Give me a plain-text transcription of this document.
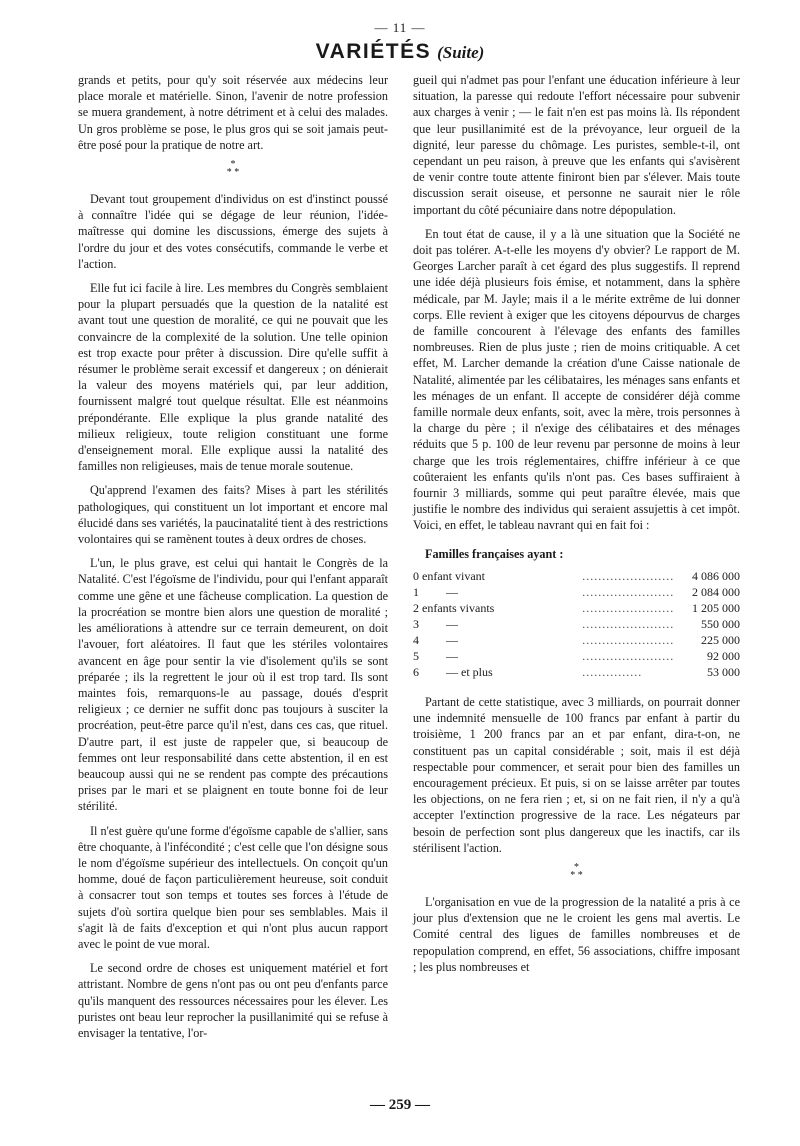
— 11 —
VARIÉTÉS (Suite)

grands et petits, pour qu'y soit réservée aux médecins leur place morale et matérielle. Sinon, l'avenir de notre profession se muera grandement, à notre détriment et à celui des malades. Un gros problème se pose, le plus gros qui se soit jamais peut-être posé pour la pratique de notre art.

*
* *

Devant tout groupement d'individus on est d'instinct poussé à connaître l'idée qui se dégage de leur réunion, l'idée-maîtresse qui domine les discussions, émerge des sujets à l'ordre du jour et des votes consécutifs, commande le verbe et l'action.

Elle fut ici facile à lire. Les membres du Congrès semblaient pour la plupart persuadés que la question de la natalité est avant tout une question de moralité, ce qui ne pouvait que les convaincre de la complexité de la solution. Une telle opinion est trop exacte pour prêter à discussion. Dire qu'elle suffit à résumer le problème serait excessif et dangereux ; on dénierait la valeur des moyens matériels qui, par leur addition, fournissent malgré tout quelque résultat. Elle est néanmoins prépondérante. Elle explique la plus grande natalité des milieux religieux, toute religion constituant une forme d'enseignement moral. Elle explique aussi la natalité des familles non religieuses, mais de tenue morale soutenue.

Qu'apprend l'examen des faits? Mises à part les stérilités pathologiques, qui constituent un lot important et encore mal élucidé dans ses variétés, la paucinatalité tient à des restrictions volontaires qui se ramènent toutes à deux ordres de choses.

L'un, le plus grave, est celui qui hantait le Congrès de la Natalité. C'est l'égoïsme de l'individu, pour qui l'enfant apparaît comme une gêne et une fâcheuse complication. La question de la procréation se montre bien alors une question de moralité ; les améliorations à attendre sur ce terrain demeurent, on doit l'avouer, fort aléatoires. Il faut que les stériles volontaires avancent en âge pour sentir la vie d'isolement qu'ils se sont préparée ; ils la regrettent le jour où il est trop tard. Ils sont maintes fois, remarquons-le au passage, doués d'esprit religieux ; ce dernier ne suffit donc pas toujours à susciter la procréation, peut-être parce qu'il n'est, dans ces cas, que rituel. D'autre part, il est juste de rappeler que, si beaucoup de femmes ont leur responsabilité dans cette abstention, il en est beaucoup aussi qui ne se rendent pas compte des précautions prises par le mari et se plaignent en toute bonne foi de leur stérilité.

Il n'est guère qu'une forme d'égoïsme capable de s'allier, sans être choquante, à l'infécondité ; c'est celle que l'on désigne sous le nom d'égoïsme supérieur des intellectuels. On conçoit qu'un homme, doué de façon particulièrement heureuse, soit conduit à consacrer tout son temps et toutes ses forces à l'étude de sujets d'où sortira quelque bien pour ses semblables. Mais il s'agit là de faits d'exception et qui n'ont plus aucun rapport avec le point de vue moral.

Le second ordre de choses est uniquement matériel et fort attristant. Nombre de gens n'ont pas ou ont peu d'enfants parce qu'ils manquent des ressources nécessaires pour les élever. Les puristes ont beau leur reprocher la pusillanimité qui se refuse à envisager la tentative, l'or-

gueil qui n'admet pas pour l'enfant une éducation inférieure à leur situation, la paresse qui redoute l'effort nécessaire pour subvenir aux charges à venir ; — le fait n'en est pas moins là. Ils répondent que leur pusillanimité est de la prévoyance, leur orgueil de la dignité, leur paresse du chômage. Les puristes, semble-t-il, ont cependant un peu raison, à preuve que les enfants qui s'avisèrent de venir contre toute attente finiront bien par s'élever. Mais toute discussion serait oiseuse, et personne ne saurait nier le rôle important du côté pécuniaire dans notre dépopulation.

En tout état de cause, il y a là une situation que la Société ne doit pas tolérer. A-t-elle les moyens d'y obvier? Le rapport de M. Georges Larcher paraît à cet égard des plus suggestifs. Il reprend une idée déjà plusieurs fois émise, et notamment, dans la sphère médicale, par M. Jayle; mais il a le mérite extrême de lui donner corps. Elle revient à exiger que les citoyens dépourvus de charges de famille concourent à l'élevage des enfants des familles nombreuses. Rien de plus juste ; rien de moins critiquable. A cet effet, M. Larcher demande la création d'une Caisse nationale de Natalité, alimentée par les célibataires, les ménages sans enfants et les ménages de un enfant. Il accepte de considérer déjà comme famille normale deux enfants, soit, avec la mère, trois personnes à la charge du père ; il n'exige des célibataires et des ménages réduits que 5 p. 100 de leur revenu par personne de moins à leur charge que les trois réglementaires, chiffre inférieur à ce que coûteraient les enfants qu'ils n'ont pas. Ces bases suffiraient à fournir 3 milliards, somme qui peut paraître élevée, mais que justifie le nombre des individus qui seraient assujettis à cet impôt. Voici, en effet, le tableau navrant qui en fait foi :

Familles françaises ayant :
0 enfant vivant	.......................	4 086 000
1 —	.......................	2 084 000
2 enfants vivants	.......................	1 205 000
3 —	.......................	550 000
4 —	.......................	225 000
5 —	.......................	92 000
6 — et plus	...............	53 000

Partant de cette statistique, avec 3 milliards, on pourrait donner une indemnité mensuelle de 100 francs par enfant à partir du troisième, 1 200 francs par an et par enfant, dira-t-on, ne constituent pas un capital considérable ; soit, mais il est déjà respectable pour commencer, et serait pour bien des familles un encouragement précieux. Et puis, si on se laisse arrêter par toutes les objections, on ne fera rien ; et, si on ne fait rien, il n'y a qu'à accepter l'extinction progressive de la race. Les négateurs par besoin de perfection sont plus dangereux que les inactifs, car ils stérilisent l'action.

*
* *

L'organisation en vue de la progression de la natalité a pris à ce jour plus d'extension que ne le croient les gens mal avertis. Le Comité central des ligues de familles nombreuses et de repopulation comprend, en effet, 56 associations, chiffre imposant ; les plus nombreuses et

— 259 —
